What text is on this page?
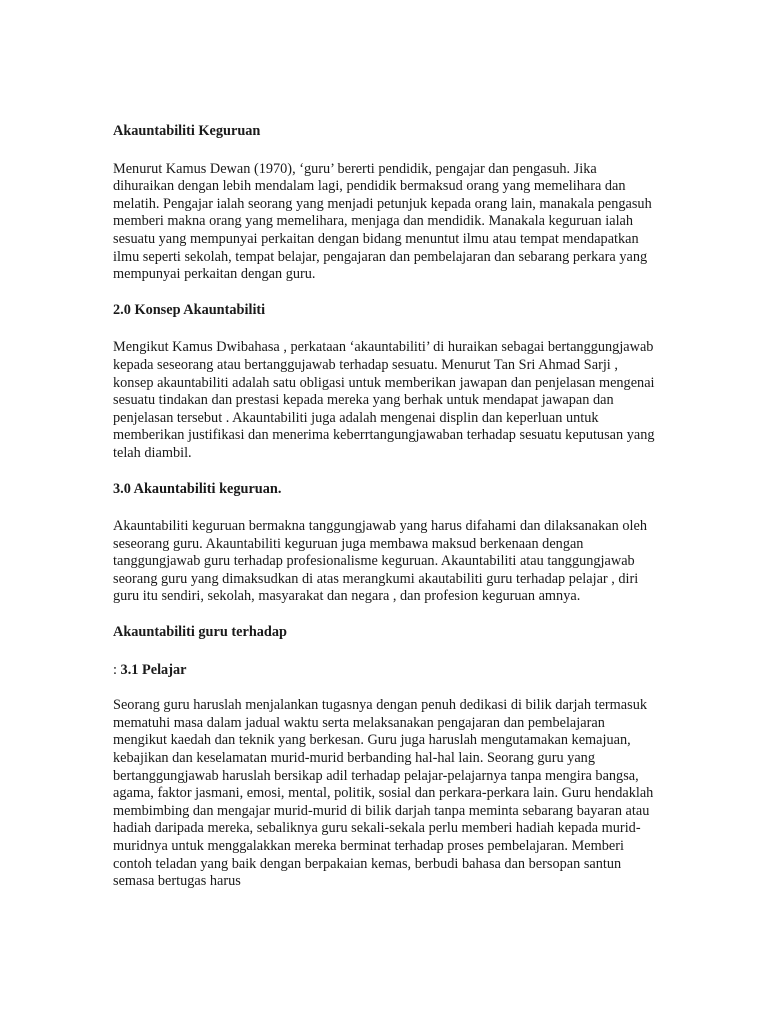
Akauntabiliti Keguruan

Menurut Kamus Dewan (1970), ‘guru’ bererti pendidik, pengajar dan pengasuh. Jika dihuraikan dengan lebih mendalam lagi, pendidik bermaksud orang yang memelihara dan melatih. Pengajar ialah seorang yang menjadi petunjuk kepada orang lain, manakala pengasuh memberi makna orang yang memelihara, menjaga dan mendidik. Manakala keguruan ialah sesuatu yang mempunyai perkaitan dengan bidang menuntut ilmu atau tempat mendapatkan ilmu seperti sekolah, tempat belajar, pengajaran dan pembelajaran dan sebarang perkara yang mempunyai perkaitan dengan guru.

2.0 Konsep Akauntabiliti

Mengikut Kamus Dwibahasa , perkataan ‘akauntabiliti’ di huraikan sebagai bertanggungjawab kepada seseorang atau bertanggujawab terhadap sesuatu. Menurut Tan Sri Ahmad Sarji , konsep akauntabiliti adalah satu obligasi untuk memberikan jawapan dan penjelasan mengenai sesuatu tindakan dan prestasi kepada mereka yang berhak untuk mendapat jawapan dan penjelasan tersebut . Akauntabiliti juga adalah mengenai displin dan keperluan untuk memberikan justifikasi dan menerima keberrtangungjawaban terhadap sesuatu keputusan yang telah diambil.

3.0 Akauntabiliti keguruan.

Akauntabiliti keguruan bermakna tanggungjawab yang harus difahami dan dilaksanakan oleh seseorang guru. Akauntabiliti keguruan juga membawa maksud berkenaan dengan tanggungjawab guru terhadap profesionalisme keguruan. Akauntabiliti atau tanggungjawab seorang guru yang dimaksudkan di atas merangkumi akautabiliti guru terhadap pelajar , diri guru itu sendiri, sekolah, masyarakat dan negara , dan profesion keguruan amnya.

Akauntabiliti guru terhadap

: 3.1 Pelajar

Seorang guru haruslah menjalankan tugasnya dengan penuh dedikasi di bilik darjah termasuk mematuhi masa dalam jadual waktu serta melaksanakan pengajaran dan pembelajaran mengikut kaedah dan teknik yang berkesan. Guru juga haruslah mengutamakan kemajuan, kebajikan dan keselamatan murid-murid berbanding hal-hal lain. Seorang guru yang bertanggungjawab haruslah bersikap adil terhadap pelajar-pelajarnya tanpa mengira bangsa, agama, faktor jasmani, emosi, mental, politik, sosial dan perkara-perkara lain. Guru hendaklah membimbing dan mengajar murid-murid di bilik darjah tanpa meminta sebarang bayaran atau hadiah daripada mereka, sebaliknya guru sekali-sekala perlu memberi hadiah kepada murid-muridnya untuk menggalakkan mereka berminat terhadap proses pembelajaran. Memberi contoh teladan yang baik dengan berpakaian kemas, berbudi bahasa dan bersopan santun semasa bertugas harus
